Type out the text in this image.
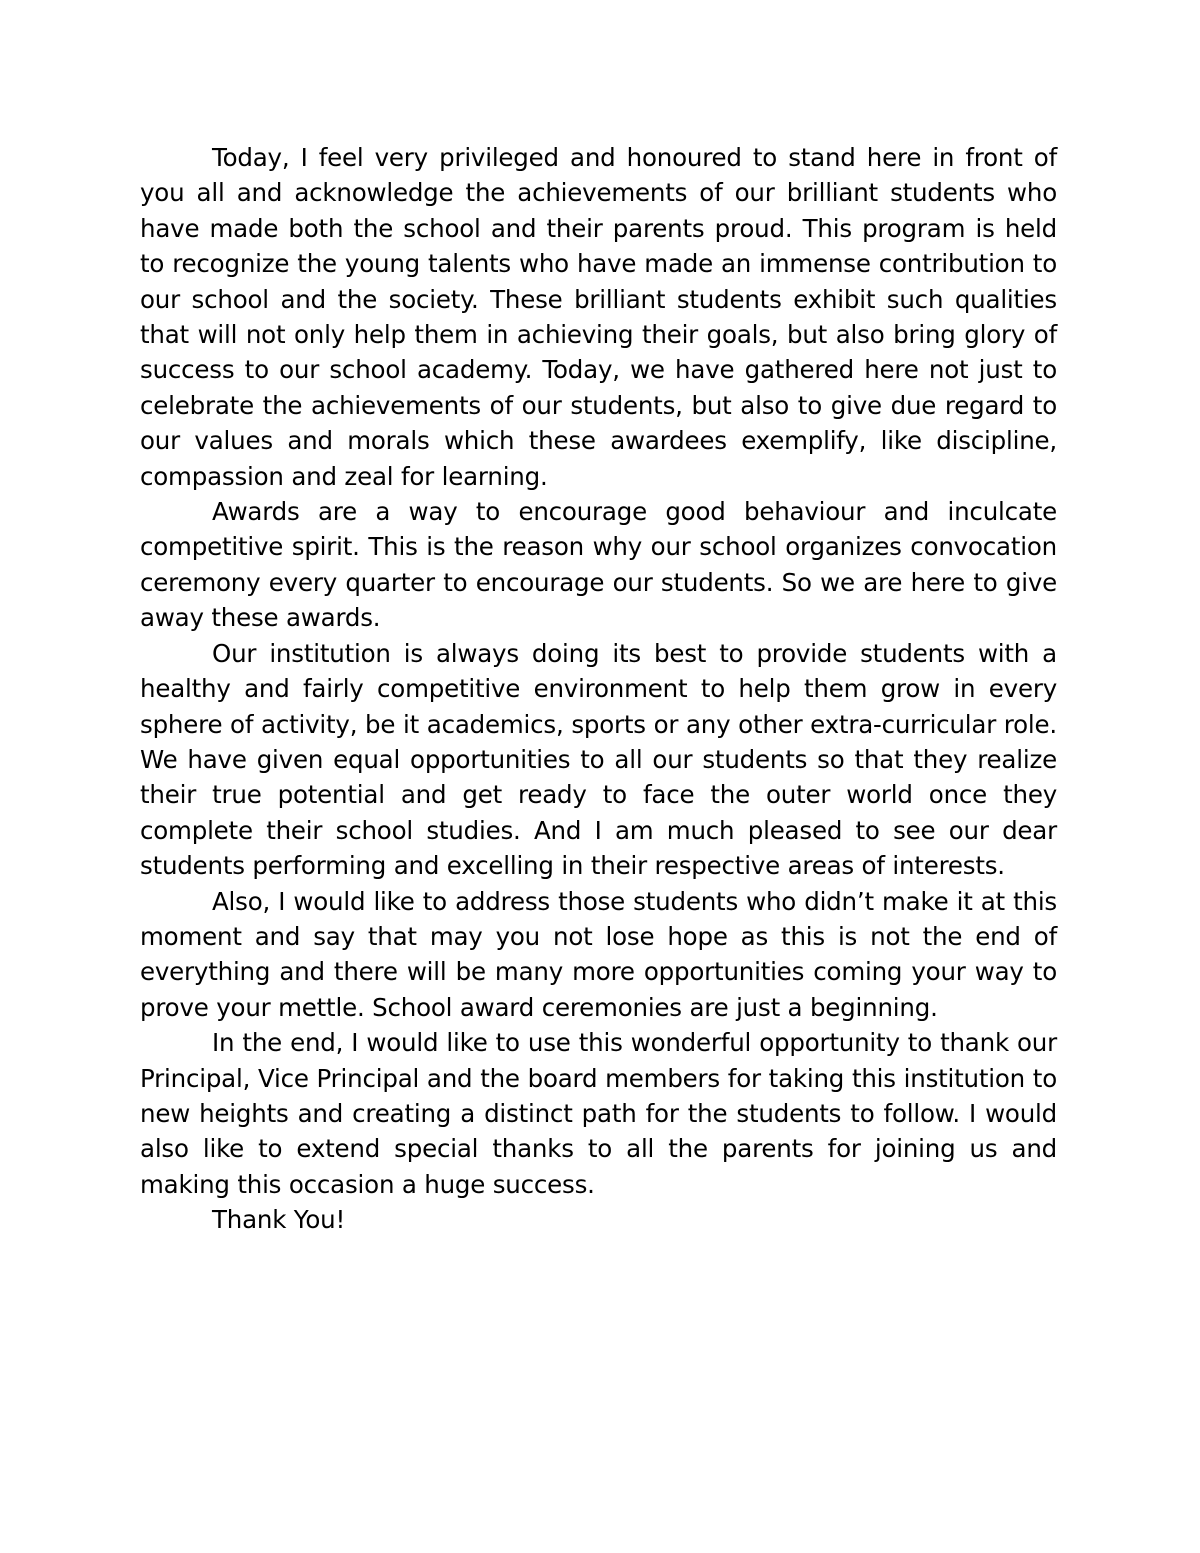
Today, I feel very privileged and honoured to stand here in front of you all and acknowledge the achievements of our brilliant students who have made both the school and their parents proud. This program is held to recognize the young talents who have made an immense contribution to our school and the society. These brilliant students exhibit such qualities that will not only help them in achieving their goals, but also bring glory of success to our school academy. Today, we have gathered here not just to celebrate the achievements of our students, but also to give due regard to our values and morals which these awardees exemplify, like discipline, compassion and zeal for learning.

Awards are a way to encourage good behaviour and inculcate competitive spirit. This is the reason why our school organizes convocation ceremony every quarter to encourage our students. So we are here to give away these awards.

Our institution is always doing its best to provide students with a healthy and fairly competitive environment to help them grow in every sphere of activity, be it academics, sports or any other extra-curricular role. We have given equal opportunities to all our students so that they realize their true potential and get ready to face the outer world once they complete their school studies. And I am much pleased to see our dear students performing and excelling in their respective areas of interests.

Also, I would like to address those students who didn’t make it at this moment and say that may you not lose hope as this is not the end of everything and there will be many more opportunities coming your way to prove your mettle. School award ceremonies are just a beginning.

In the end, I would like to use this wonderful opportunity to thank our Principal, Vice Principal and the board members for taking this institution to new heights and creating a distinct path for the students to follow. I would also like to extend special thanks to all the parents for joining us and making this occasion a huge success.

Thank You!
